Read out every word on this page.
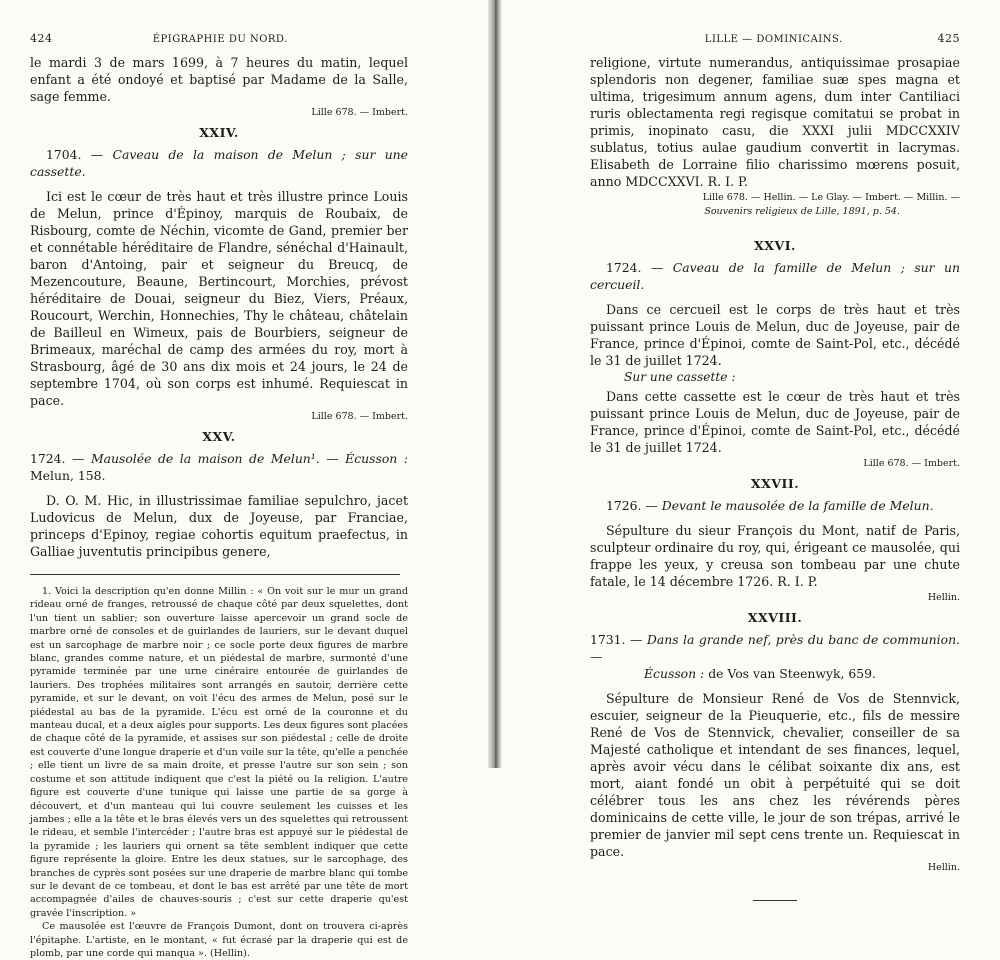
424	ÉPIGRAPHIE DU NORD.

le mardi 3 de mars 1699, à 7 heures du matin, lequel enfant a été ondoyé et baptisé par Madame de la Salle, sage femme.

Lille 678. — Imbert.
XXIV.

1704. — Caveau de la maison de Melun ; sur une cassette.

Ici est le cœur de très haut et très illustre prince Louis de Melun, prince d'Épinoy, marquis de Roubaix, de Risbourg, comte de Néchin, vicomte de Gand, premier ber et connétable héréditaire de Flandre, sénéchal d'Hainault, baron d'Antoing, pair et seigneur du Breucq, de Mezencouture, Beaune, Bertincourt, Morchies, prévost héréditaire de Douai, seigneur du Biez, Viers, Préaux, Roucourt, Werchin, Honnechies, Thy le château, châtelain de Bailleul en Wimeux, pais de Bourbiers, seigneur de Brimeaux, maréchal de camp des armées du roy, mort à Strasbourg, âgé de 30 ans dix mois et 24 jours, le 24 de septembre 1704, où son corps est inhumé. Requiescat in pace.

Lille 678. — Imbert.
XXV.

1724. — Mausolée de la maison de Melun¹. — Écusson : Melun, 158.

D. O. M. Hic, in illustrissimae familiae sepulchro, jacet Ludovicus de Melun, dux de Joyeuse, par Franciae, princeps d'Epinoy, regiae cohortis equitum praefectus, in Galliae juventutis principibus genere,

1. Voici la description qu'en donne Millin : « On voit sur le mur un grand rideau orné de franges, retroussé de chaque côté par deux squelettes, dont l'un tient un sablier; son ouverture laisse apercevoir un grand socle de marbre orné de consoles et de guirlandes de lauriers, sur le devant duquel est un sarcophage de marbre noir ; ce socle porte deux figures de marbre blanc, grandes comme nature, et un piédestal de marbre, surmonté d'une pyramide terminée par une urne cinéraire entourée de guirlandes de lauriers. Des trophées militaires sont arrangés en sautoir, derrière cette pyramide, et sur le devant, on voit l'écu des armes de Melun, posé sur le piédestal au bas de la pyramide. L'écu est orné de la couronne et du manteau ducal, et a deux aigles pour supports. Les deux figures sont placées de chaque côté de la pyramide, et assises sur son piédestal ; celle de droite est couverte d'une longue draperie et d'un voile sur la tête, qu'elle a penchée ; elle tient un livre de sa main droite, et presse l'autre sur son sein ; son costume et son attitude indiquent que c'est la piété ou la religion. L'autre figure est couverte d'une tunique qui laisse une partie de sa gorge à découvert, et d'un manteau qui lui couvre seulement les cuisses et les jambes ; elle a la tête et le bras élevés vers un des squelettes qui retroussent le rideau, et semble l'intercéder ; l'autre bras est appuyé sur le piédestal de la pyramide ; les lauriers qui ornent sa tête semblent indiquer que cette figure représente la gloire. Entre les deux statues, sur le sarcophage, des branches de cyprès sont posées sur une draperie de marbre blanc qui tombe sur le devant de ce tombeau, et dont le bas est arrêté par une tête de mort accompagnée d'ailes de chauves-souris ; c'est sur cette draperie qu'est gravée l'inscription. »

Ce mausolée est l'œuvre de François Dumont, dont on trouvera ci-après l'épitaphe. L'artiste, en le montant, « fut écrasé par la draperie qui est de plomb, par une corde qui manqua ». (Hellin).

LILLE — DOMINICAINS.	425

religione, virtute numerandus, antiquissimae prosapiae splendoris non degener, familiae suæ spes magna et ultima, trigesimum annum agens, dum inter Cantiliaci ruris oblectamenta regi regisque comitatui se probat in primis, inopinato casu, die XXXI julii MDCCXXIV sublatus, totius aulae gaudium convertit in lacrymas. Elisabeth de Lorraine filio charissimo mœrens posuit, anno MDCCXXVI. R. I. P.

Lille 678. — Hellin. — Le Glay. — Imbert. — Millin. —
Souvenirs religieux de Lille, 1891, p. 54.
XXVI.

1724. — Caveau de la famille de Melun ; sur un cercueil.

Dans ce cercueil est le corps de très haut et très puissant prince Louis de Melun, duc de Joyeuse, pair de France, prince d'Épinoi, comte de Saint-Pol, etc., décédé le 31 de juillet 1724.

Sur une cassette :

Dans cette cassette est le cœur de très haut et très puissant prince Louis de Melun, duc de Joyeuse, pair de France, prince d'Épinoi, comte de Saint-Pol, etc., décédé le 31 de juillet 1724.

Lille 678. — Imbert.
XXVII.

1726. — Devant le mausolée de la famille de Melun.

Sépulture du sieur François du Mont, natif de Paris, sculpteur ordinaire du roy, qui, érigeant ce mausolée, qui frappe les yeux, y creusa son tombeau par une chute fatale, le 14 décembre 1726. R. I. P.

Hellin.
XXVIII.

1731. — Dans la grande nef, près du banc de communion. —

Écusson : de Vos van Steenwyk, 659.

Sépulture de Monsieur René de Vos de Stennvick, escuier, seigneur de la Pieuquerie, etc., fils de messire René de Vos de Stennvick, chevalier, conseiller de sa Majesté catholique et intendant de ses finances, lequel, après avoir vécu dans le célibat soixante dix ans, est mort, aiant fondé un obit à perpétuité qui se doit célébrer tous les ans chez les révérends pères dominicains de cette ville, le jour de son trépas, arrivé le premier de janvier mil sept cens trente un. Requiescat in pace.

Hellin.
